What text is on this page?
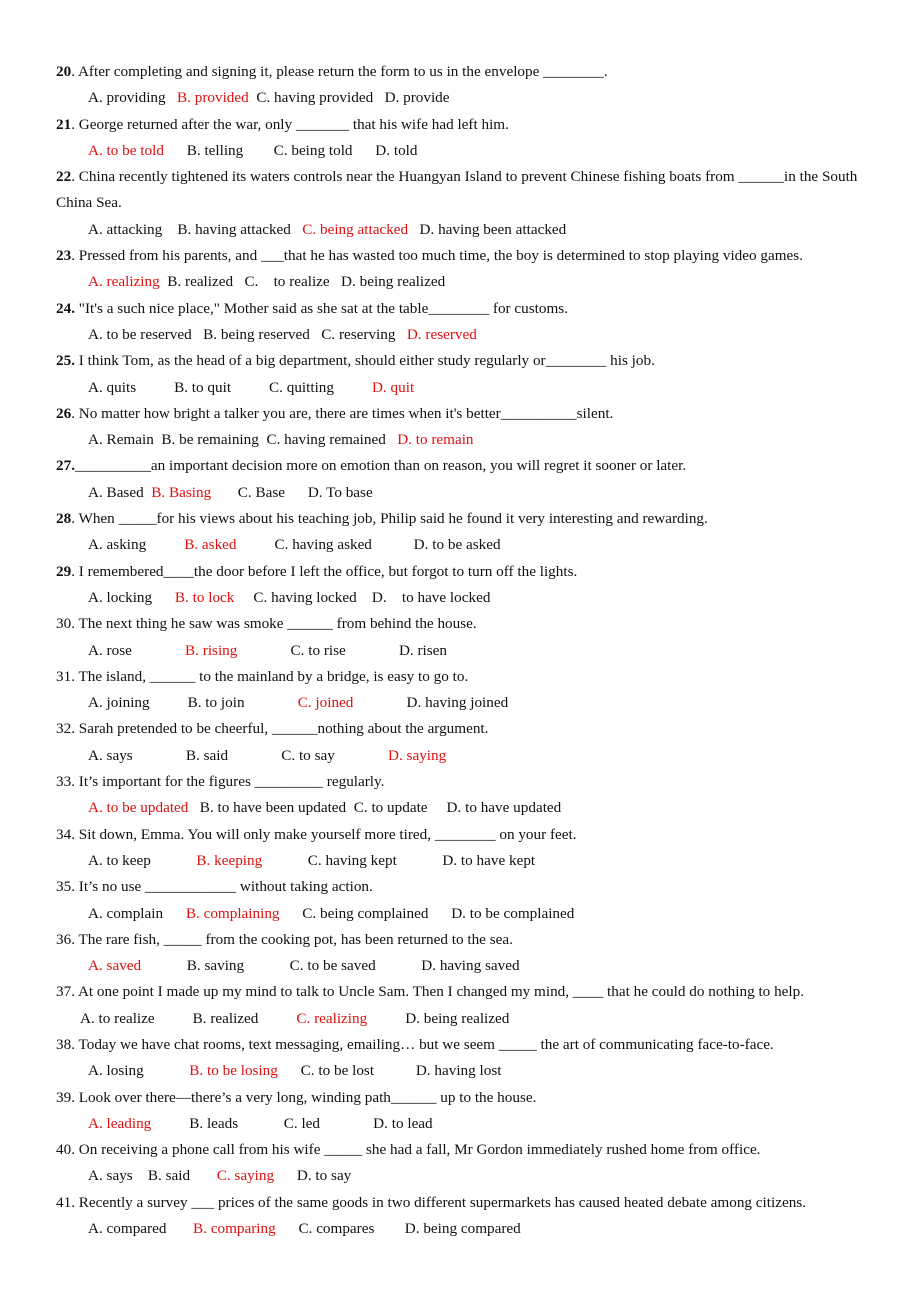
20. After completing and signing it, please return the form to us in the envelope ________.
A. providing B. provided C. having provided D. provide
21. George returned after the war, only _______ that his wife had left him.
A. to be told B. telling C. being told D. told
22. China recently tightened its waters controls near the Huangyan Island to prevent Chinese fishing boats from ______in the South China Sea.
A. attacking B. having attacked C. being attacked D. having been attacked
23. Pressed from his parents, and ___that he has wasted too much time, the boy is determined to stop playing video games.
A. realizing B. realized C.    to realize D. being realized
24. "It's a such nice place," Mother said as she sat at the table________ for customs.
A. to be reserved B. being reserved C. reserving D. reserved
25. I think Tom, as the head of a big department, should either study regularly or________ his job.
A. quits B. to quit C. quitting D. quit
26. No matter how bright a talker you are, there are times when it's better__________silent.
A. Remain B. be remaining C. having remained D. to remain
27.__________an important decision more on emotion than on reason, you will regret it sooner or later.
A. Based B. Basing C. Base D. To base
28. When _____for his views about his teaching job, Philip said he found it very interesting and rewarding.
A. asking B. asked C. having asked	D. to be asked
29. I remembered____the door before I left the office, but forgot to turn off the lights.
A. locking B. to lock C. having locked D.    to have locked
30. The next thing he saw was smoke ______ from behind the house.
A. rose	B. rising	C. to rise	D. risen
31. The island, ______ to the mainland by a bridge, is easy to go to.
A. joining B. to join	C. joined	D. having joined
32. Sarah pretended to be cheerful, ______nothing about the argument.
A. says	B. said	C. to say	D. saying
33. It’s important for the figures _________ regularly.
A. to be updated B. to have been updated C. to update D. to have updated
34. Sit down, Emma. You will only make yourself more tired, ________ on your feet.
A. to keep	B. keeping	C. having kept	D. to have kept
35. It’s no use ____________ without taking action.
A. complain B. complaining C. being complained D. to be complained
36. The rare fish, _____ from the cooking pot, has been returned to the sea.
A. saved	B. saving	C. to be saved	D. having saved
37. At one point I made up my mind to talk to Uncle Sam. Then I changed my mind, ____ that he could do nothing to help.
A. to realize B. realized C. realizing D. being realized
38. Today we have chat rooms, text messaging, emailing… but we seem _____ the art of communicating face-to-face.
A. losing	B. to be losing C. to be lost	D. having lost
39. Look over there—there’s a very long, winding path______ up to the house.
A. leading B. leads	C. led	D. to lead
40. On receiving a phone call from his wife _____ she had a fall, Mr Gordon immediately rushed home from office.
A. says B. said C. saying D. to say
41. Recently a survey ___ prices of the same goods in two different supermarkets has caused heated debate among citizens.
A. compared B. comparing C. compares D. being compared
